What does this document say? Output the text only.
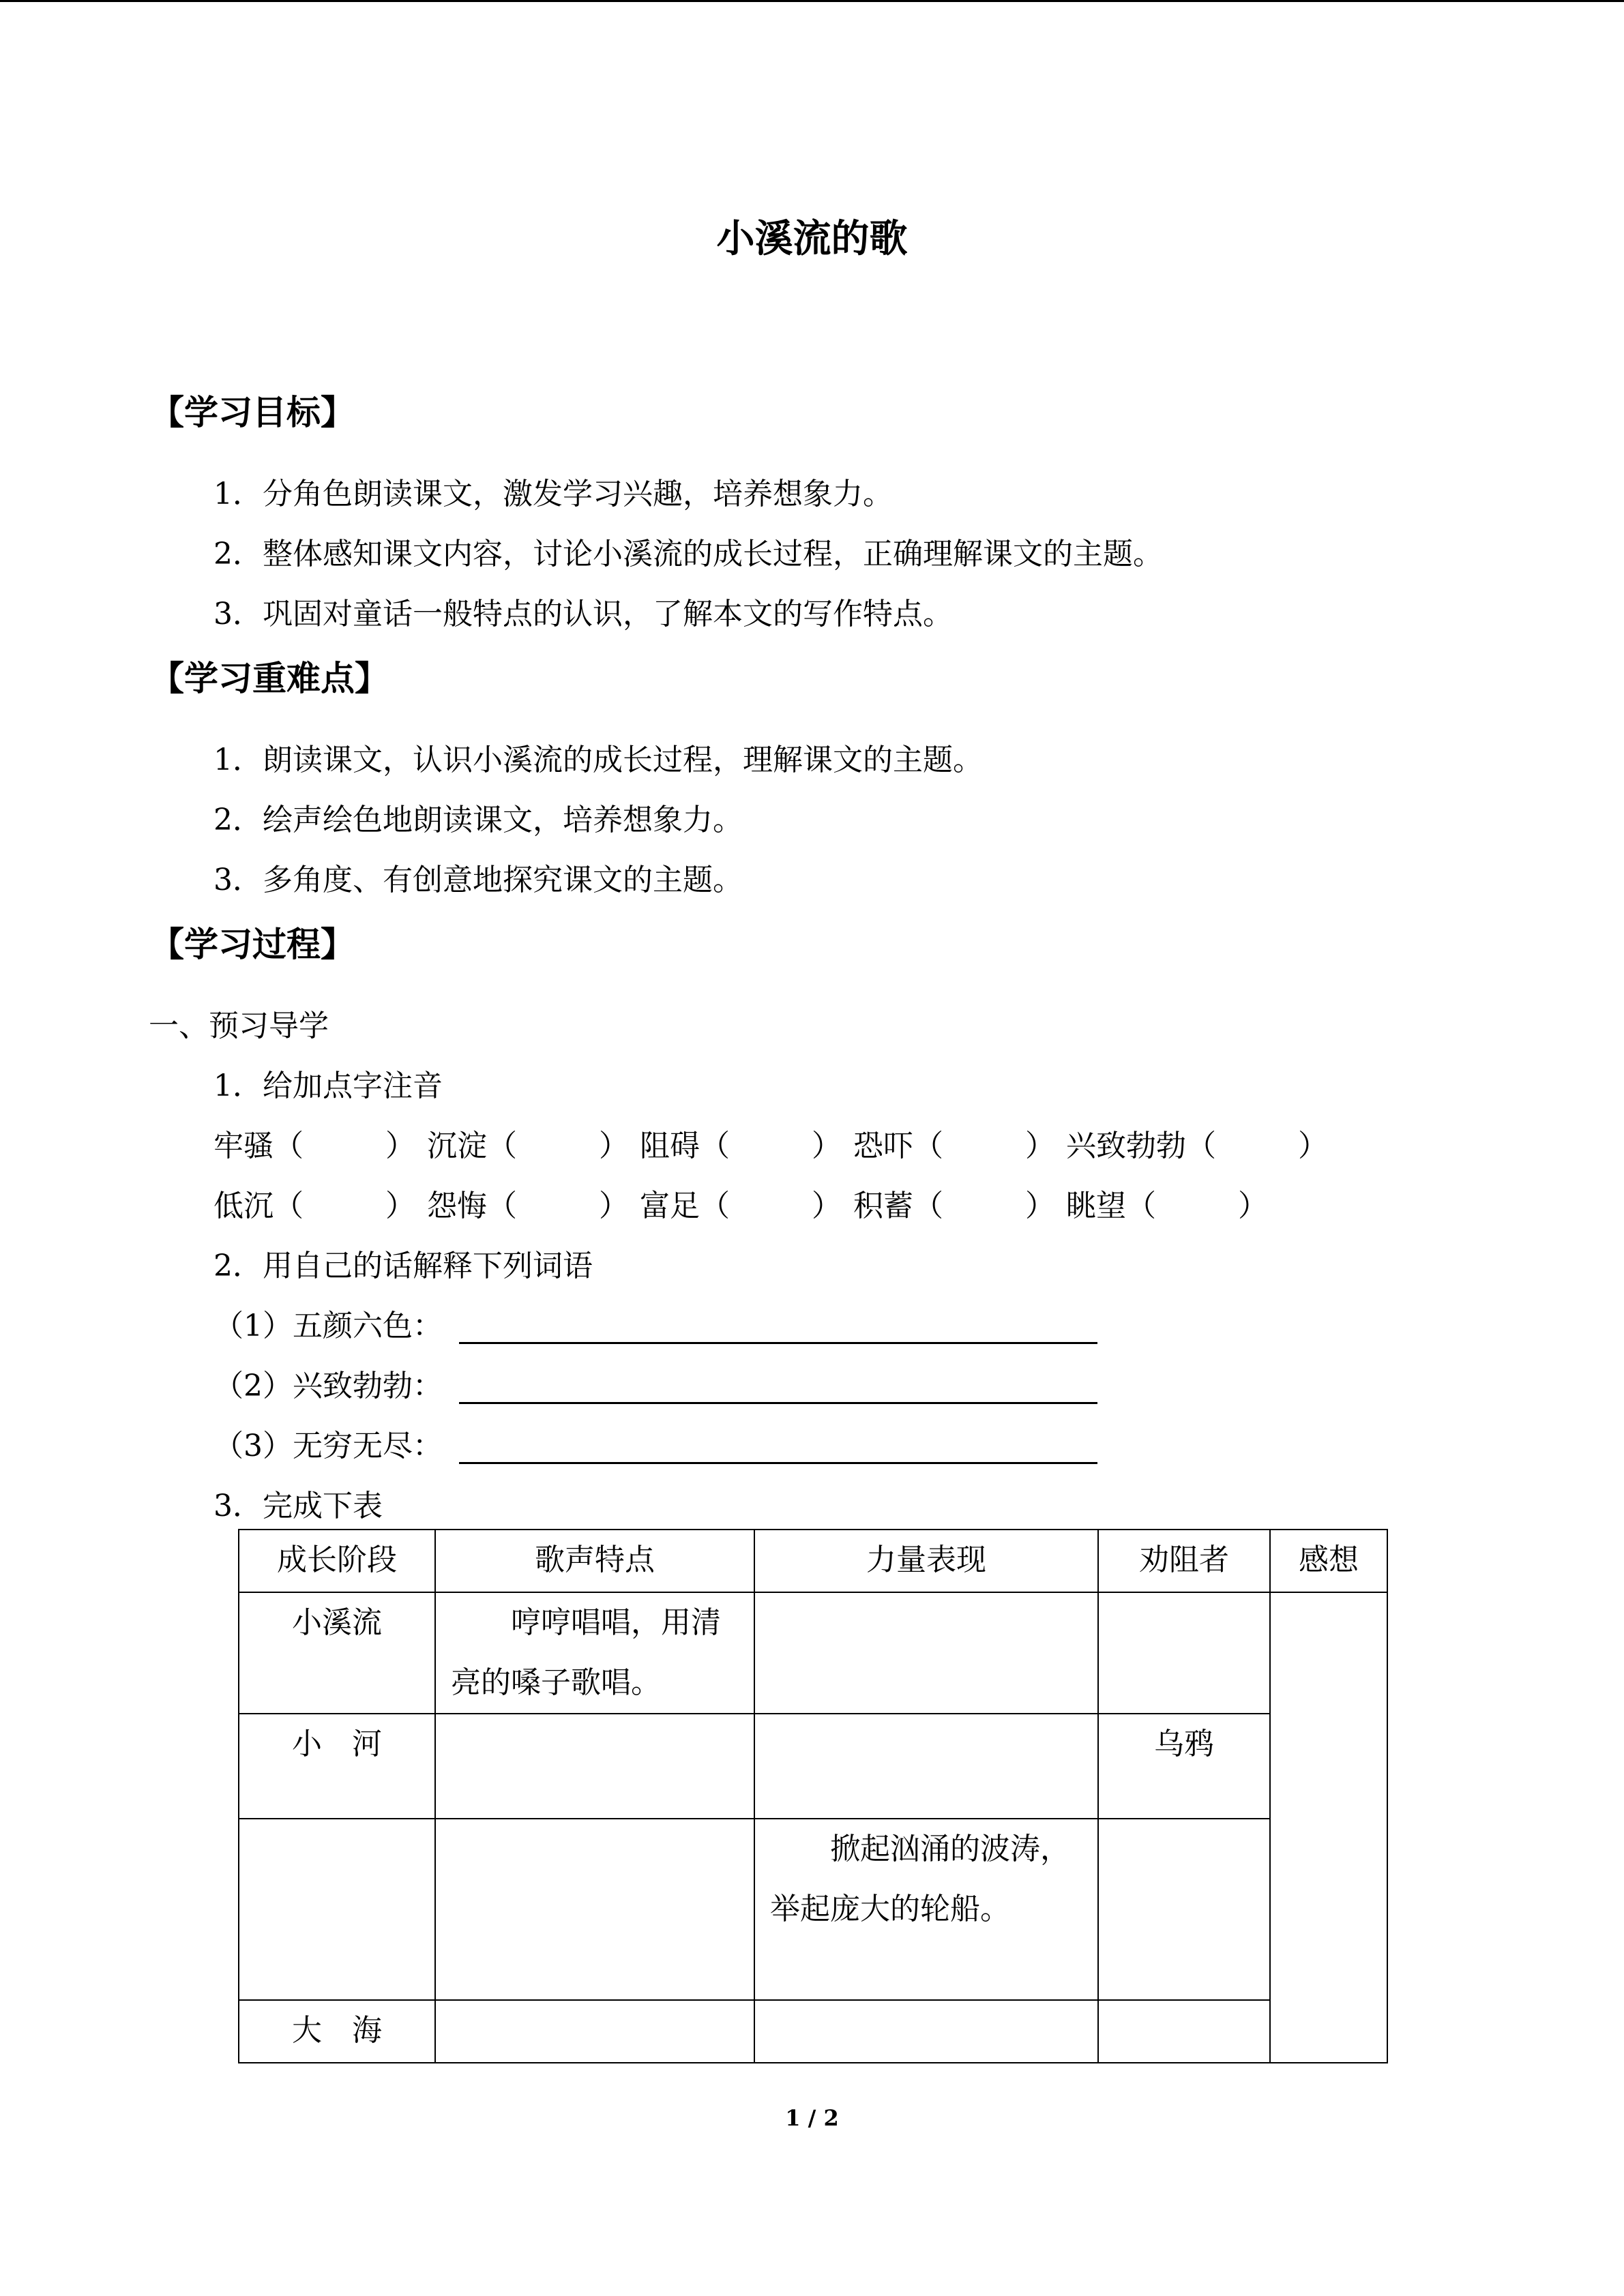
小溪流的歌
【学习目标】
1．分角色朗读课文，激发学习兴趣，培养想象力。
2．整体感知课文内容，讨论小溪流的成长过程，正确理解课文的主题。
3．巩固对童话一般特点的认识，了解本文的写作特点。
【学习重难点】
1．朗读课文，认识小溪流的成长过程，理解课文的主题。
2．绘声绘色地朗读课文，培养想象力。
3．多角度、有创意地探究课文的主题。
【学习过程】
一、预习导学
1．给加点字注音
牢骚（	） 沉淀（	） 阻碍（	） 恐吓（	） 兴致勃勃（	）
低沉（	） 怨悔（	） 富足（	） 积蓄（	） 眺望（	）
2．用自己的话解释下列词语
（1）五颜六色：
（2）兴致勃勃：
（3）无穷无尽：
3．完成下表
成长阶段	歌声特点	力量表现	劝阻者	感想
小溪流	哼哼唱唱，用清亮的嗓子歌唱。			
小　河			乌鸦	
		掀起汹涌的波涛，举起庞大的轮船。		
大　海				
1 / 2
